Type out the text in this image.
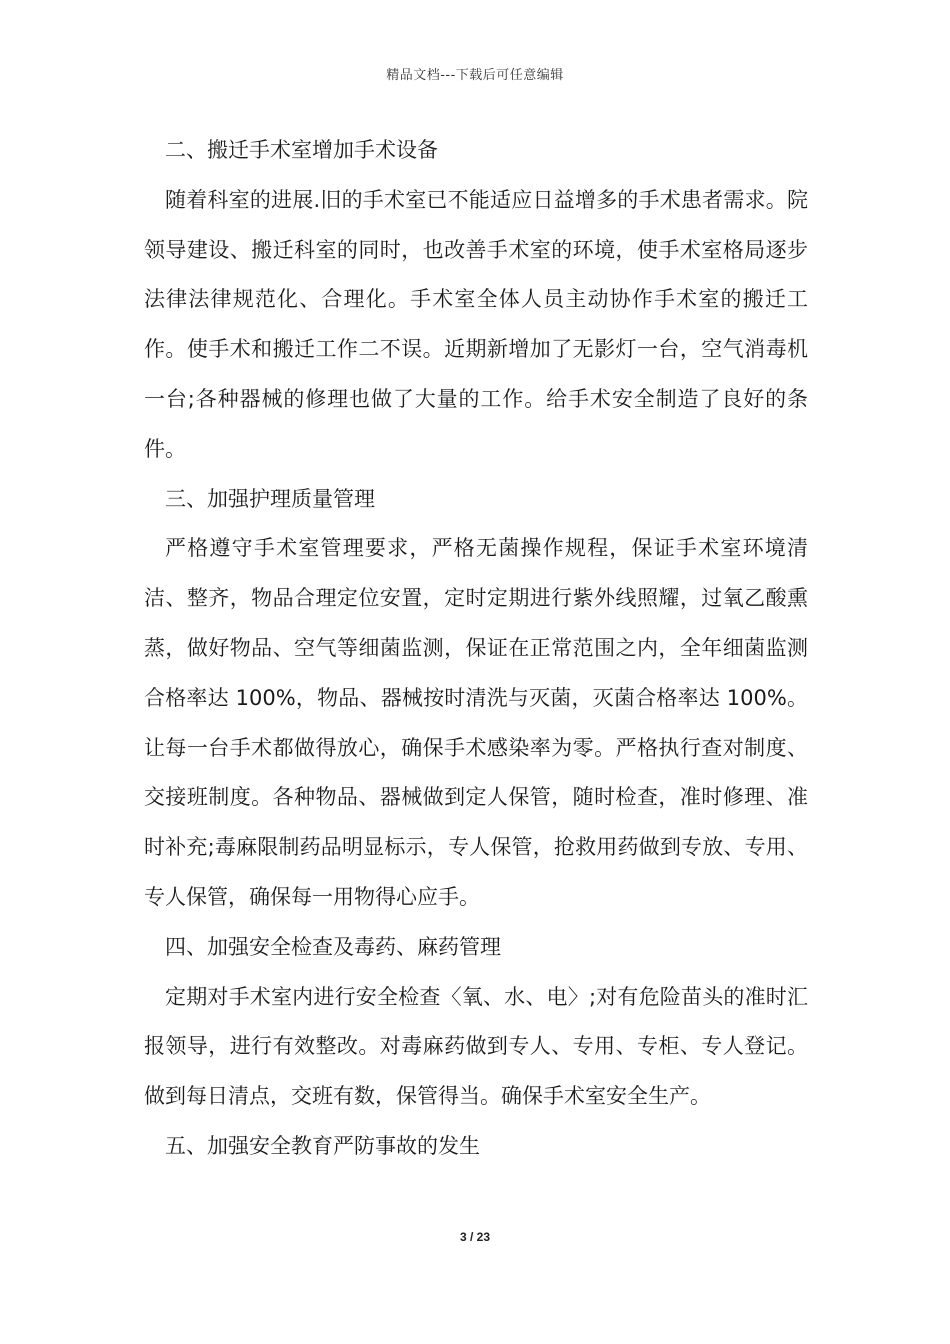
精品文档---下载后可任意编辑

二、搬迁手术室增加手术设备

随着科室的进展.旧的手术室已不能适应日益增多的手术患者需求。院领导建设、搬迁科室的同时，也改善手术室的环境，使手术室格局逐步法律法律规范化、合理化。手术室全体人员主动协作手术室的搬迁工作。使手术和搬迁工作二不误。近期新增加了无影灯一台，空气消毒机一台;各种器械的修理也做了大量的工作。给手术安全制造了良好的条件。

三、加强护理质量管理

严格遵守手术室管理要求，严格无菌操作规程，保证手术室环境清洁、整齐，物品合理定位安置，定时定期进行紫外线照耀，过氧乙酸熏蒸，做好物品、空气等细菌监测，保证在正常范围之内，全年细菌监测合格率达 100%，物品、器械按时清洗与灭菌，灭菌合格率达 100%。让每一台手术都做得放心，确保手术感染率为零。严格执行查对制度、交接班制度。各种物品、器械做到定人保管，随时检查，准时修理、准时补充;毒麻限制药品明显标示，专人保管，抢救用药做到专放、专用、专人保管，确保每一用物得心应手。

四、加强安全检查及毒药、麻药管理

定期对手术室内进行安全检查〈氧、水、电〉;对有危险苗头的准时汇报领导，进行有效整改。对毒麻药做到专人、专用、专柜、专人登记。做到每日清点，交班有数，保管得当。确保手术室安全生产。

五、加强安全教育严防事故的发生

3 / 23
